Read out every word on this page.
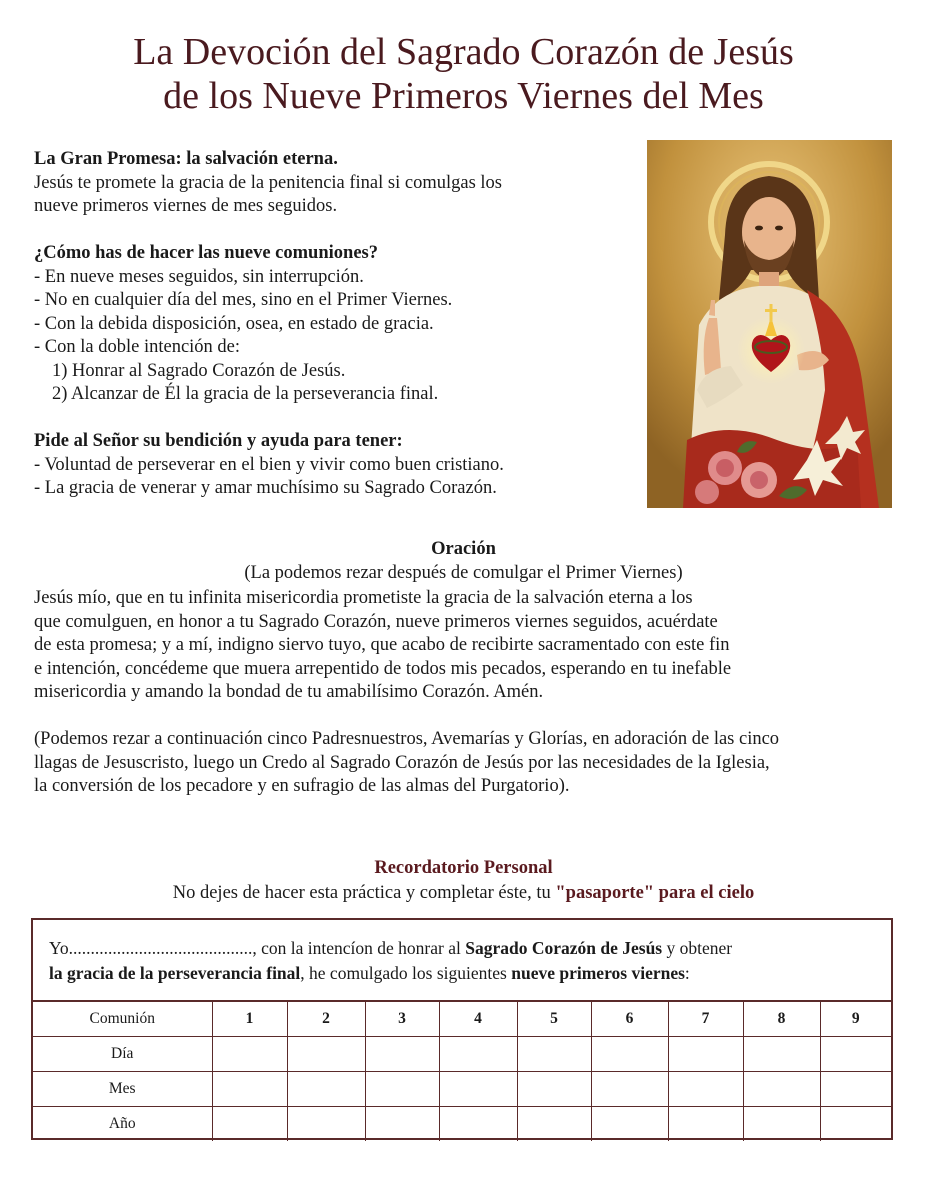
La Devoción del Sagrado Corazón de Jesús
de los Nueve Primeros Viernes del Mes

La Gran Promesa: la salvación eterna.

Jesús te promete la gracia de la penitencia final si comulgas los

nueve primeros viernes de mes seguidos.

¿Cómo has de hacer las nueve comuniones?

- En nueve meses seguidos, sin interrupción.

- No en cualquier día del mes, sino en el Primer Viernes.

- Con la debida disposición, osea, en estado de gracia.

- Con la doble intención de:

1) Honrar al Sagrado Corazón de Jesús.

2) Alcanzar de Él la gracia de la perseverancia final.

Pide al Señor su bendición y ayuda para tener:

- Voluntad de perseverar en el bien y vivir como buen cristiano.

- La gracia de venerar y amar muchísimo su Sagrado Corazón.

Oración
(La podemos rezar después de comulgar el Primer Viernes)

Jesús mío, que en tu infinita misericordia prometiste la gracia de la salvación eterna a los

que comulguen, en honor a tu Sagrado Corazón, nueve primeros viernes seguidos, acuérdate

de esta promesa; y a mí, indigno siervo tuyo, que acabo de recibirte sacramentado con este fin

e intención, concédeme que muera arrepentido de todos mis pecados, esperando en tu inefable

misericordia y amando la bondad de tu amabilísimo Corazón. Amén.

(Podemos rezar a continuación cinco Padresnuestros, Avemarías y Glorías, en adoración de las cinco

llagas de Jesuscristo, luego un Credo al Sagrado Corazón de Jesús por las necesidades de la Iglesia,

la conversión de los pecadore y en sufragio de las almas del Purgatorio).

Recordatorio Personal
No dejes de hacer esta práctica y completar éste, tu "pasaporte" para el cielo
Yo.........................................., con la intencíon de honrar al Sagrado Corazón de Jesús y obtener
la gracia de la perseverancia final, he comulgado los siguientes nueve primeros viernes:
Comunión	1	2	3	4	5	6	7	8	9
Día									
Mes									
Año									
